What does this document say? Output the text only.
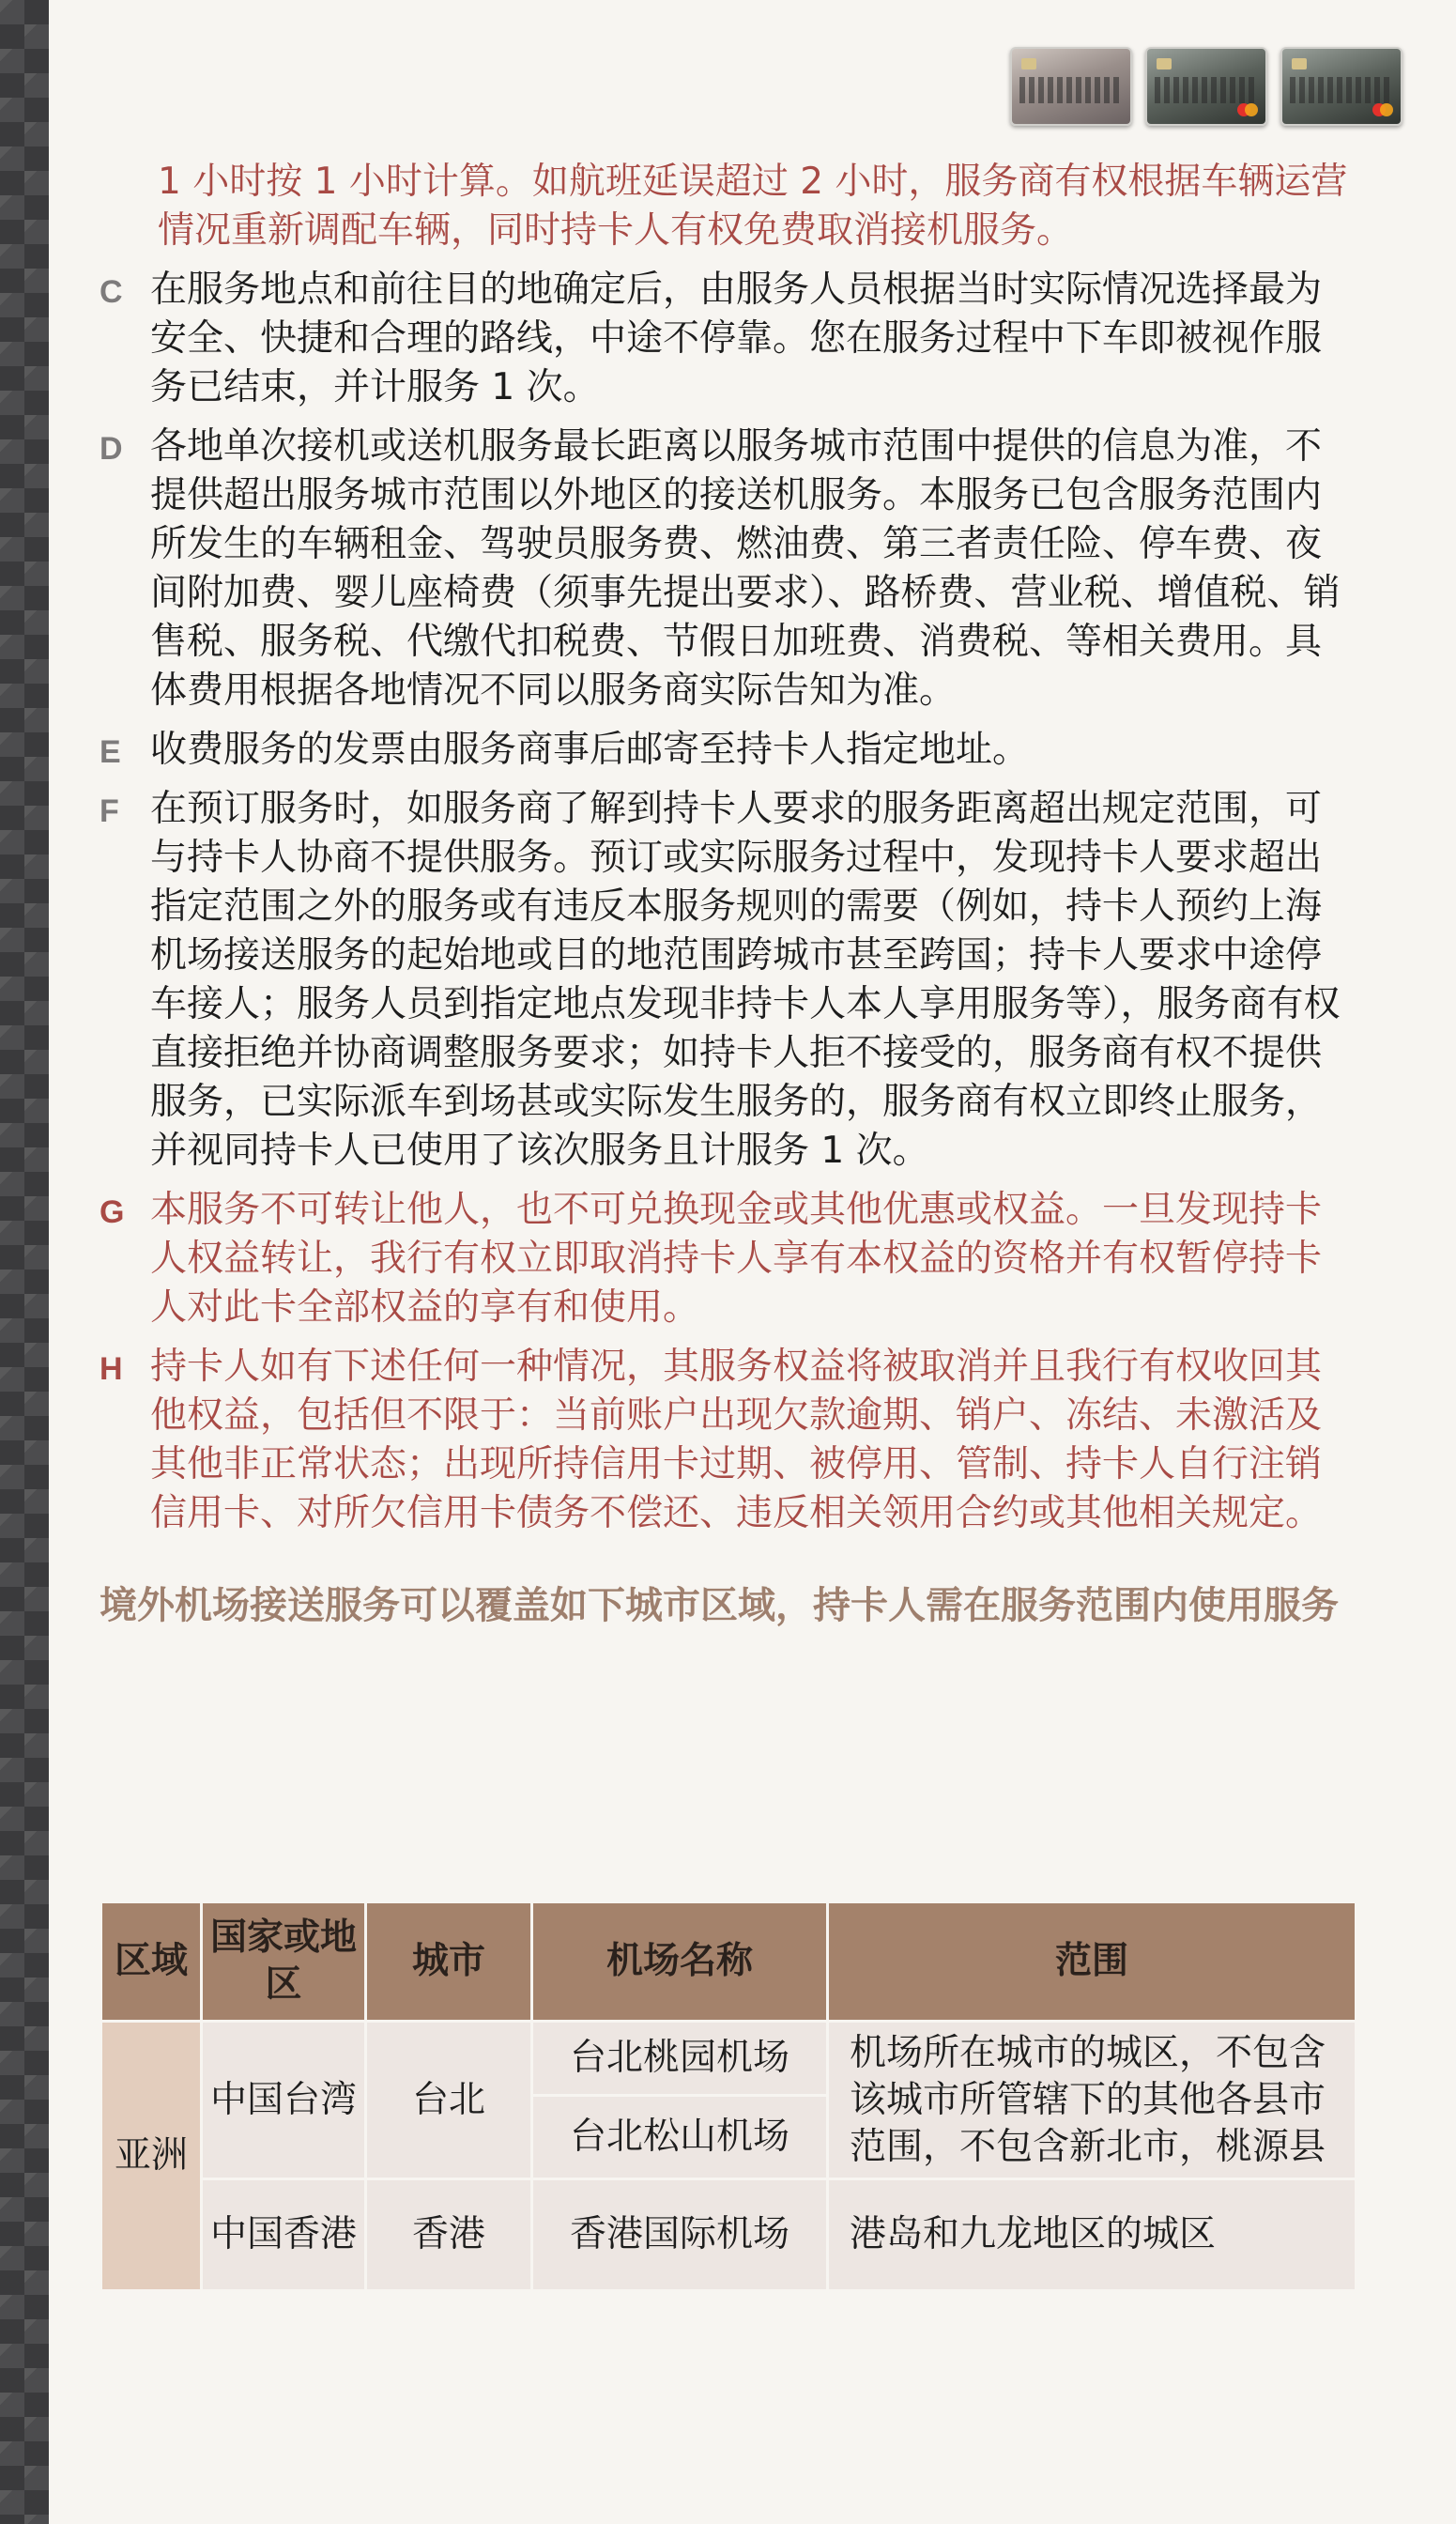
1 小时按 1 小时计算。如航班延误超过 2 小时，服务商有权根据车辆运营情况重新调配车辆，同时持卡人有权免费取消接机服务。
C 在服务地点和前往目的地确定后，由服务人员根据当时实际情况选择最为安全、快捷和合理的路线，中途不停靠。您在服务过程中下车即被视作服务已结束，并计服务 1 次。
D 各地单次接机或送机服务最长距离以服务城市范围中提供的信息为准，不提供超出服务城市范围以外地区的接送机服务。本服务已包含服务范围内所发生的车辆租金、驾驶员服务费、燃油费、第三者责任险、停车费、夜间附加费、婴儿座椅费（须事先提出要求）、路桥费、营业税、增值税、销售税、服务税、代缴代扣税费、节假日加班费、消费税、等相关费用。具体费用根据各地情况不同以服务商实际告知为准。
E 收费服务的发票由服务商事后邮寄至持卡人指定地址。
F 在预订服务时，如服务商了解到持卡人要求的服务距离超出规定范围，可与持卡人协商不提供服务。预订或实际服务过程中，发现持卡人要求超出指定范围之外的服务或有违反本服务规则的需要（例如，持卡人预约上海机场接送服务的起始地或目的地范围跨城市甚至跨国；持卡人要求中途停车接人；服务人员到指定地点发现非持卡人本人享用服务等），服务商有权直接拒绝并协商调整服务要求；如持卡人拒不接受的，服务商有权不提供服务，已实际派车到场甚或实际发生服务的，服务商有权立即终止服务，并视同持卡人已使用了该次服务且计服务 1 次。
G 本服务不可转让他人，也不可兑换现金或其他优惠或权益。一旦发现持卡人权益转让，我行有权立即取消持卡人享有本权益的资格并有权暂停持卡人对此卡全部权益的享有和使用。
H 持卡人如有下述任何一种情况，其服务权益将被取消并且我行有权收回其他权益，包括但不限于：当前账户出现欠款逾期、销户、冻结、未激活及其他非正常状态；出现所持信用卡过期、被停用、管制、持卡人自行注销信用卡、对所欠信用卡债务不偿还、违反相关领用合约或其他相关规定。
境外机场接送服务可以覆盖如下城市区域，持卡人需在服务范围内使用服务
区域	国家或地区	城市	机场名称	范围
亚洲	中国台湾	台北	台北桃园机场	机场所在城市的城区，不包含该城市所管辖下的其他各县市范围，不包含新北市，桃源县
			台北松山机场	
	中国香港	香港	香港国际机场	港岛和九龙地区的城区
